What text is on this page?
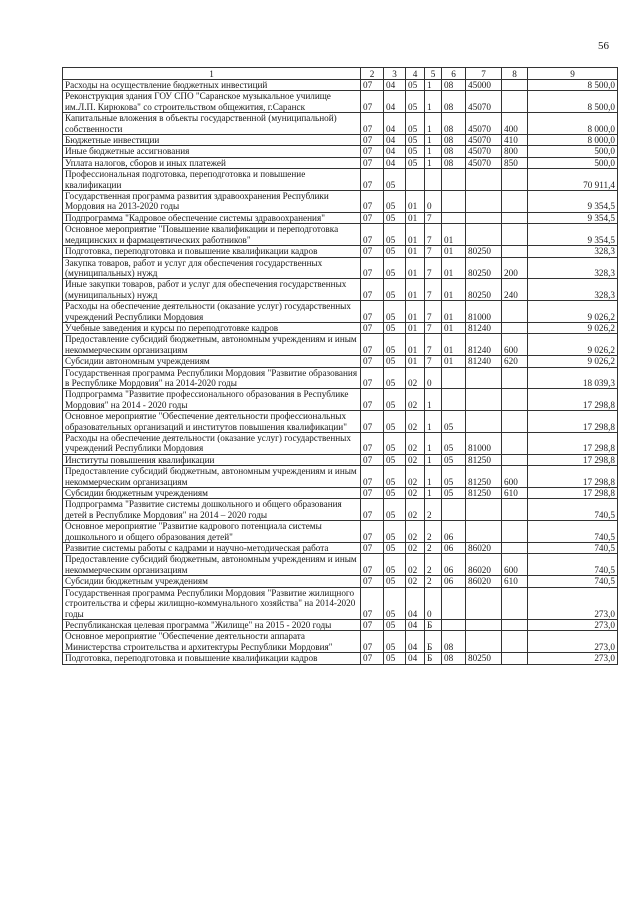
56
1	2	3	4	5	6	7	8	9
Расходы на осуществление бюджетных инвестиций	07	04	05	1	08	45000		8 500,0
Реконструкция здания ГОУ СПО "Саранское музыкальное училище им.Л.П. Кирюкова" со строительством общежития, г.Саранск	07	04	05	1	08	45070		8 500,0
Капитальные вложения в объекты государственной (муниципальной) собственности	07	04	05	1	08	45070	400	8 000,0
Бюджетные инвестиции	07	04	05	1	08	45070	410	8 000,0
Иные бюджетные ассигнования	07	04	05	1	08	45070	800	500,0
Уплата налогов, сборов и иных платежей	07	04	05	1	08	45070	850	500,0
Профессиональная подготовка, переподготовка и повышение квалификации	07	05						70 911,4
Государственная программа развития здравоохранения Республики Мордовия на 2013-2020 годы	07	05	01	0				9 354,5
Подпрограмма "Кадровое обеспечение системы здравоохранения"	07	05	01	7				9 354,5
Основное мероприятие "Повышение квалификации и переподготовка медицинских и фармацевтических работников"	07	05	01	7	01			9 354,5
Подготовка, переподготовка и повышение квалификации кадров	07	05	01	7	01	80250		328,3
Закупка товаров, работ и услуг для обеспечения государственных (муниципальных) нужд	07	05	01	7	01	80250	200	328,3
Иные закупки товаров, работ и услуг для обеспечения государственных (муниципальных) нужд	07	05	01	7	01	80250	240	328,3
Расходы на обеспечение деятельности (оказание услуг) государственных учреждений Республики Мордовия	07	05	01	7	01	81000		9 026,2
Учебные заведения и курсы по переподготовке кадров	07	05	01	7	01	81240		9 026,2
Предоставление субсидий бюджетным, автономным учреждениям и иным некоммерческим организациям	07	05	01	7	01	81240	600	9 026,2
Субсидии автономным учреждениям	07	05	01	7	01	81240	620	9 026,2
Государственная программа Республики Мордовия "Развитие образования в Республике Мордовия" на 2014-2020 годы	07	05	02	0				18 039,3
Подпрограмма "Развитие профессионального образования в Республике Мордовия" на 2014 - 2020 годы	07	05	02	1				17 298,8
Основное мероприятие "Обеспечение деятельности профессиональных образовательных организаций и институтов повышения квалификации"	07	05	02	1	05			17 298,8
Расходы на обеспечение деятельности (оказание услуг) государственных учреждений Республики Мордовия	07	05	02	1	05	81000		17 298,8
Институты повышения квалификации	07	05	02	1	05	81250		17 298,8
Предоставление субсидий бюджетным, автономным учреждениям и иным некоммерческим организациям	07	05	02	1	05	81250	600	17 298,8
Субсидии бюджетным учреждениям	07	05	02	1	05	81250	610	17 298,8
Подпрограмма "Развитие системы дошкольного и общего образования детей в Республике Мордовия" на 2014 – 2020 годы	07	05	02	2				740,5
Основное мероприятие "Развитие кадрового потенциала системы дошкольного и общего образования детей"	07	05	02	2	06			740,5
Развитие системы работы с кадрами и научно-методическая работа	07	05	02	2	06	86020		740,5
Предоставление субсидий бюджетным, автономным учреждениям и иным некоммерческим организациям	07	05	02	2	06	86020	600	740,5
Субсидии бюджетным учреждениям	07	05	02	2	06	86020	610	740,5
Государственная программа Республики Мордовия "Развитие жилищного строительства и сферы жилищно-коммунального хозяйства" на 2014-2020 годы	07	05	04	0				273,0
Республиканская целевая программа "Жилище" на 2015 - 2020 годы	07	05	04	Б				273,0
Основное мероприятие "Обеспечение деятельности аппарата Министерства строительства и архитектуры Республики Мордовия"	07	05	04	Б	08			273,0
Подготовка, переподготовка и повышение квалификации кадров	07	05	04	Б	08	80250		273,0
